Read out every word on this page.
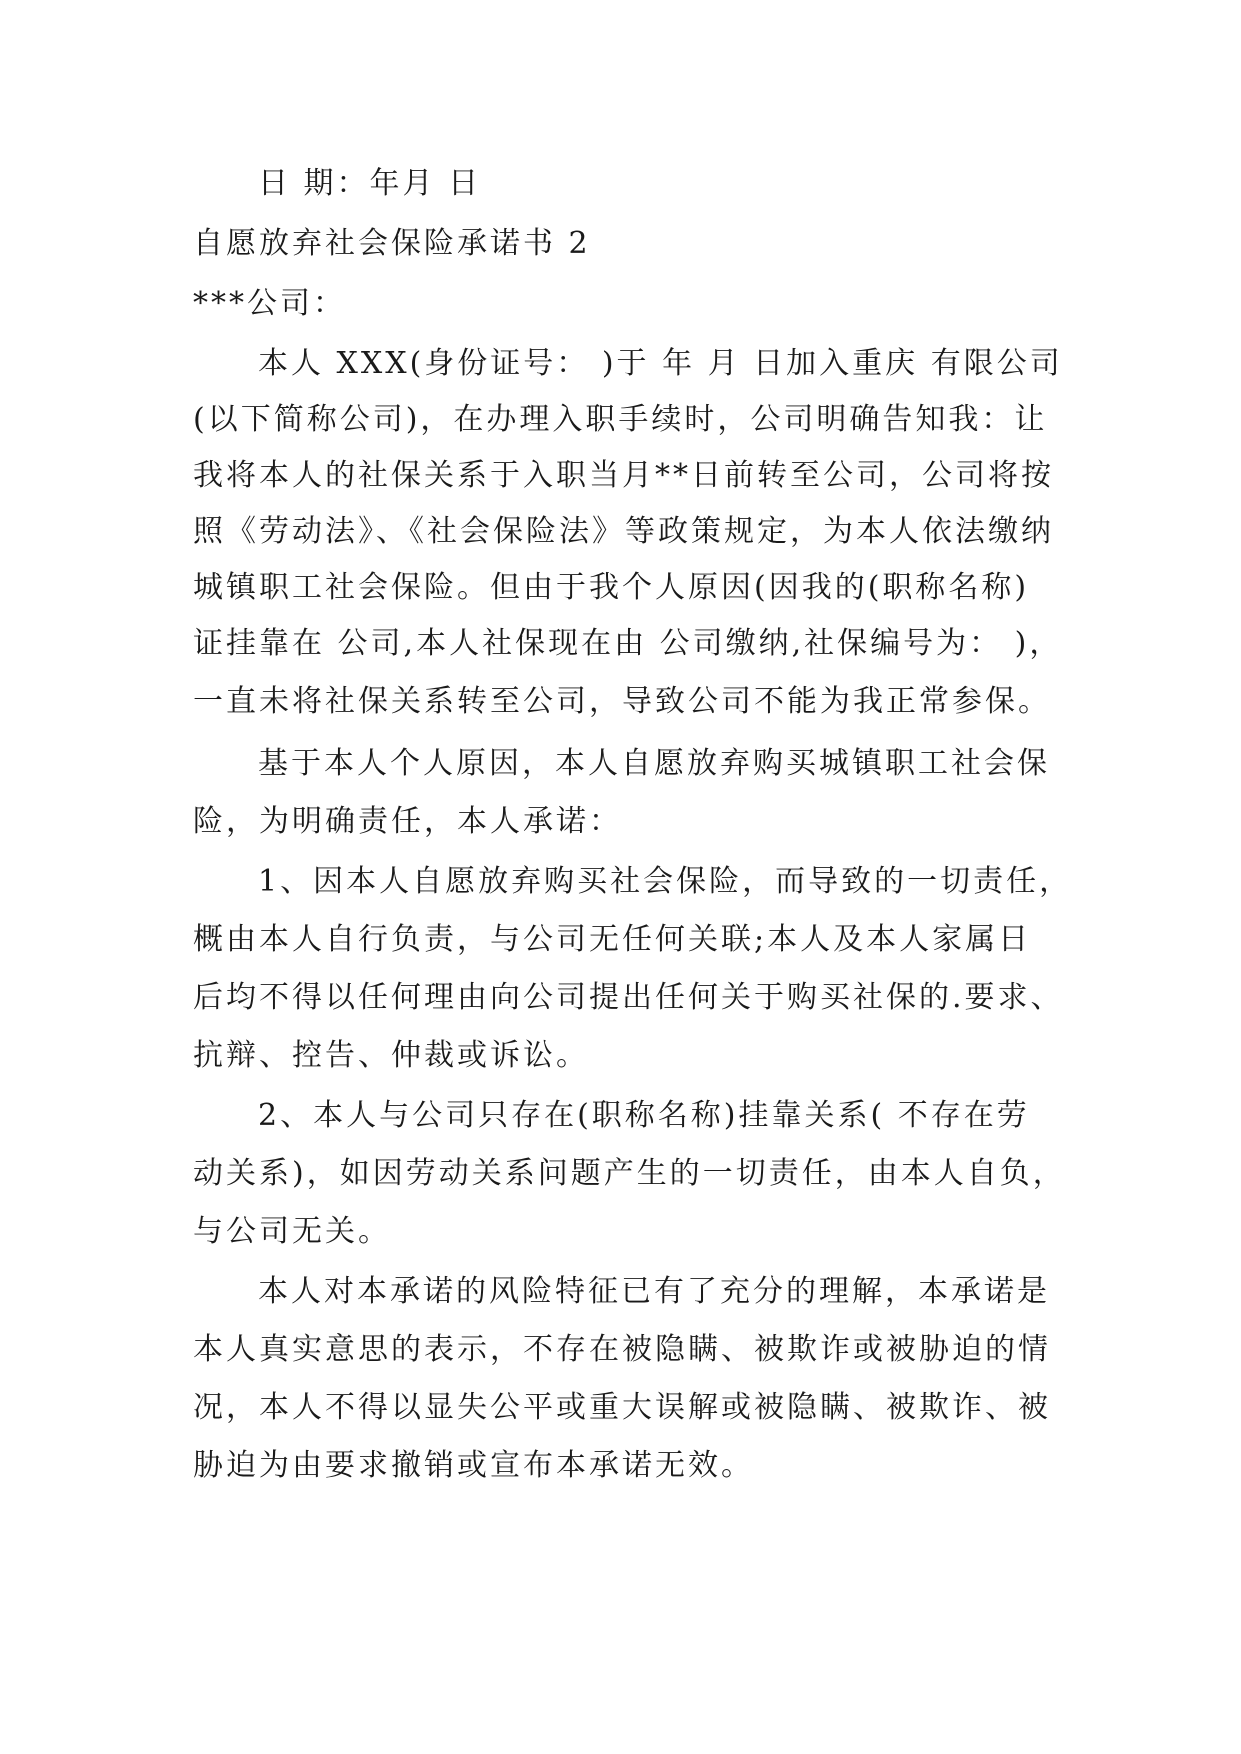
日 期：年月 日
自愿放弃社会保险承诺书 2
***公司：
本人 XXX(身份证号： )于 年 月 日加入重庆 有限公司
(以下简称公司)，在办理入职手续时，公司明确告知我：让
我将本人的社保关系于入职当月**日前转至公司，公司将按
照《劳动法》、《社会保险法》等政策规定，为本人依法缴纳
城镇职工社会保险。但由于我个人原因(因我的(职称名称)
证挂靠在 公司,本人社保现在由 公司缴纳,社保编号为： )，
一直未将社保关系转至公司，导致公司不能为我正常参保。
基于本人个人原因，本人自愿放弃购买城镇职工社会保
险，为明确责任，本人承诺：
1、因本人自愿放弃购买社会保险，而导致的一切责任，
概由本人自行负责，与公司无任何关联;本人及本人家属日
后均不得以任何理由向公司提出任何关于购买社保的.要求、
抗辩、控告、仲裁或诉讼。
2、本人与公司只存在(职称名称)挂靠关系( 不存在劳
动关系)，如因劳动关系问题产生的一切责任，由本人自负，
与公司无关。
本人对本承诺的风险特征已有了充分的理解，本承诺是
本人真实意思的表示，不存在被隐瞒、被欺诈或被胁迫的情
况，本人不得以显失公平或重大误解或被隐瞒、被欺诈、被
胁迫为由要求撤销或宣布本承诺无效。
